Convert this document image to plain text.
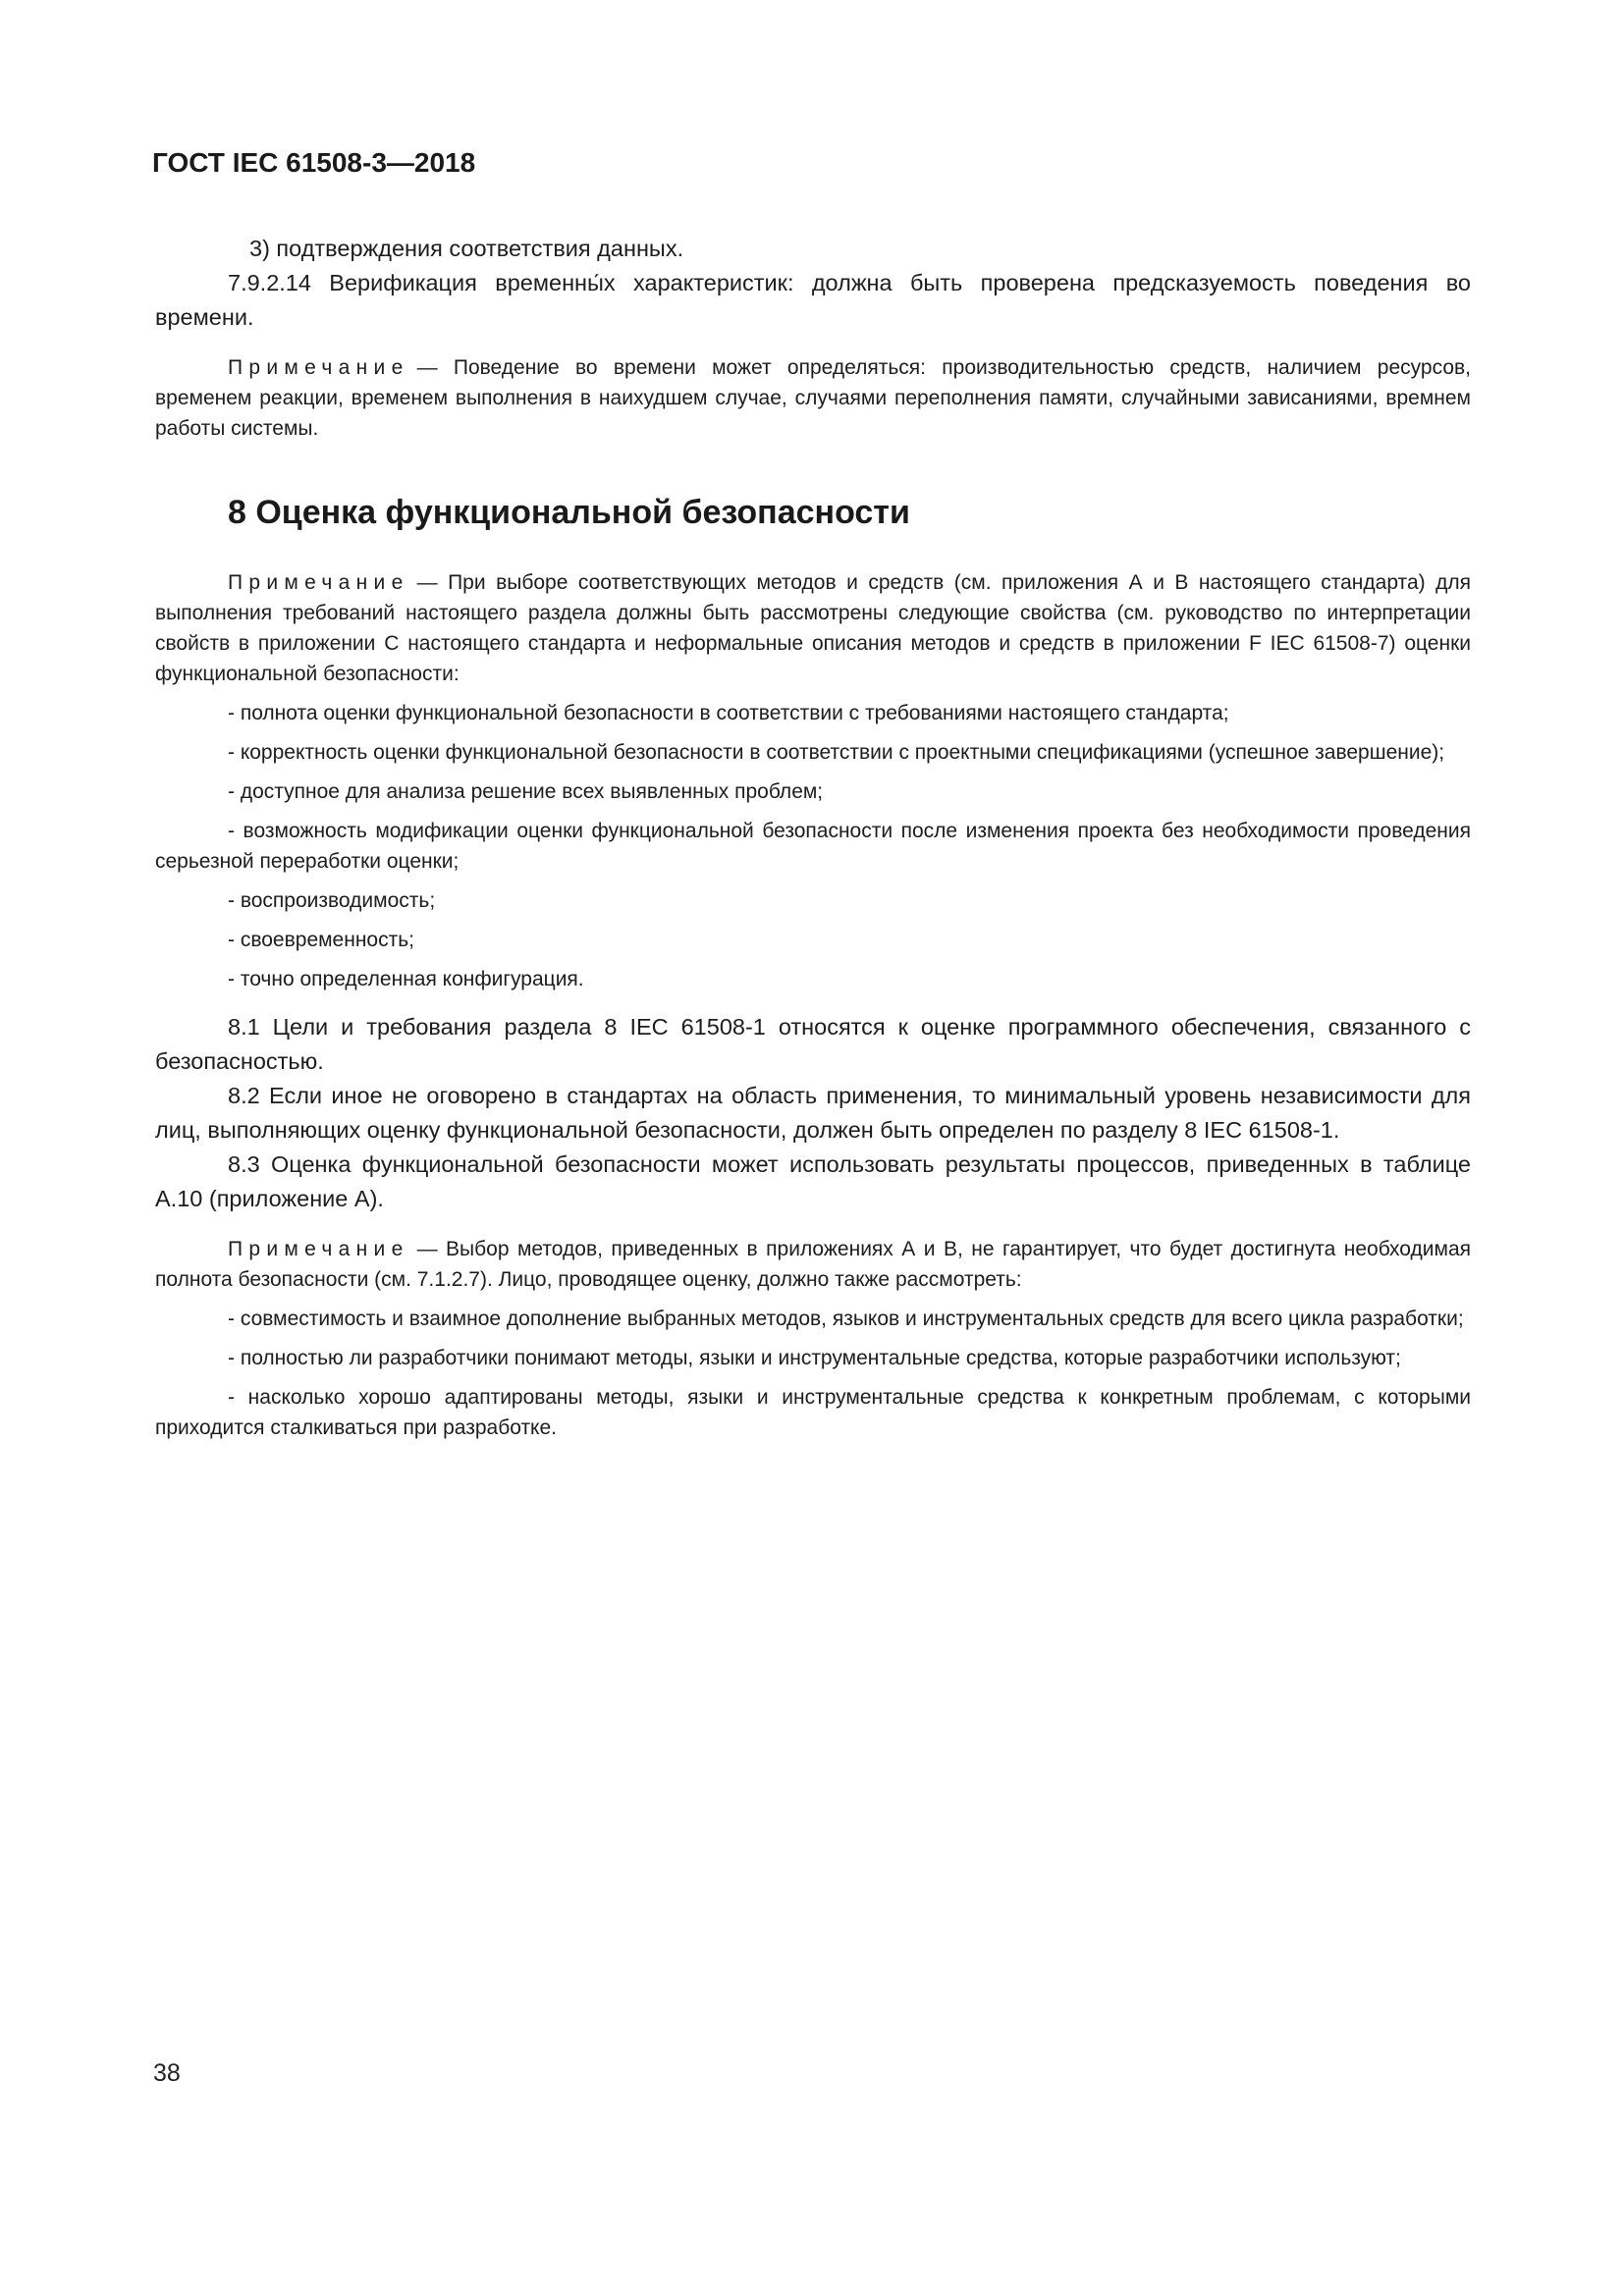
ГОСТ IEC 61508-3—2018
3) подтверждения соответствия данных.
7.9.2.14 Верификация временны́х характеристик: должна быть проверена предсказуемость поведения во времени.
Примечание — Поведение во времени может определяться: производительностью средств, наличием ресурсов, временем реакции, временем выполнения в наихудшем случае, случаями переполнения памяти, случайными зависаниями, времнем работы системы.
8 Оценка функциональной безопасности
Примечание — При выборе соответствующих методов и средств (см. приложения А и В настоящего стандарта) для выполнения требований настоящего раздела должны быть рассмотрены следующие свойства (см. руководство по интерпретации свойств в приложении С настоящего стандарта и неформальные описания методов и средств в приложении F IEC 61508-7) оценки функциональной безопасности:
- полнота оценки функциональной безопасности в соответствии с требованиями настоящего стандарта;
- корректность оценки функциональной безопасности в соответствии с проектными спецификациями (успешное завершение);
- доступное для анализа решение всех выявленных проблем;
- возможность модификации оценки функциональной безопасности после изменения проекта без необходимости проведения серьезной переработки оценки;
- воспроизводимость;
- своевременность;
- точно определенная конфигурация.
8.1 Цели и требования раздела 8 IEC 61508-1 относятся к оценке программного обеспечения, связанного с безопасностью.
8.2 Если иное не оговорено в стандартах на область применения, то минимальный уровень независимости для лиц, выполняющих оценку функциональной безопасности, должен быть определен по разделу 8 IEC 61508-1.
8.3 Оценка функциональной безопасности может использовать результаты процессов, приведенных в таблице А.10 (приложение А).
Примечание — Выбор методов, приведенных в приложениях А и В, не гарантирует, что будет достигнута необходимая полнота безопасности (см. 7.1.2.7). Лицо, проводящее оценку, должно также рассмотреть:
- совместимость и взаимное дополнение выбранных методов, языков и инструментальных средств для всего цикла разработки;
- полностью ли разработчики понимают методы, языки и инструментальные средства, которые разработчики используют;
- насколько хорошо адаптированы методы, языки и инструментальные средства к конкретным проблемам, с которыми приходится сталкиваться при разработке.
38
